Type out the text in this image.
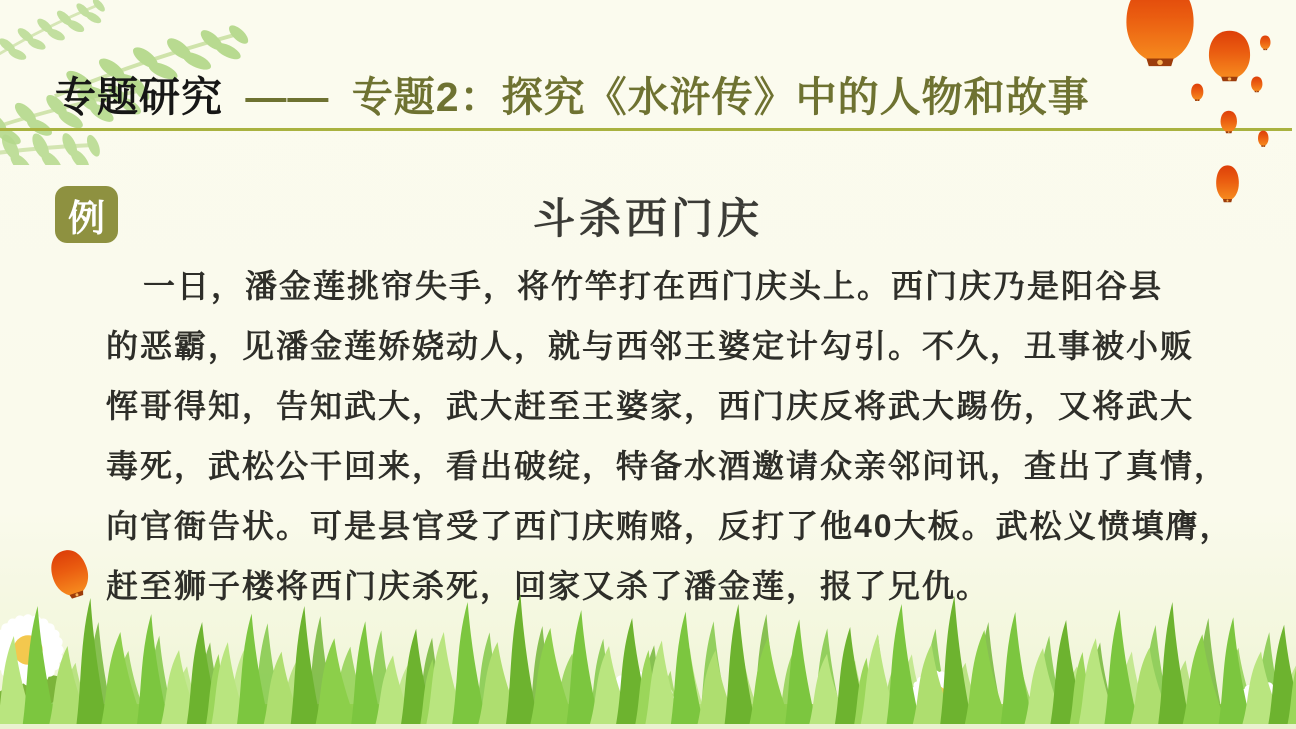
专题研究 —— 专题2：探究《水浒传》中的人物和故事
例	斗杀西门庆
一日，潘金莲挑帘失手，将竹竿打在西门庆头上。西门庆乃是阳谷县
的恶霸，见潘金莲娇娆动人，就与西邻王婆定计勾引。不久，丑事被小贩
恽哥得知，告知武大，武大赶至王婆家，西门庆反将武大踢伤，又将武大
毒死，武松公干回来，看出破绽，特备水酒邀请众亲邻问讯，查出了真情，
向官衙告状。可是县官受了西门庆贿赂，反打了他40大板。武松义愤填膺，
赶至狮子楼将西门庆杀死，回家又杀了潘金莲，报了兄仇。
